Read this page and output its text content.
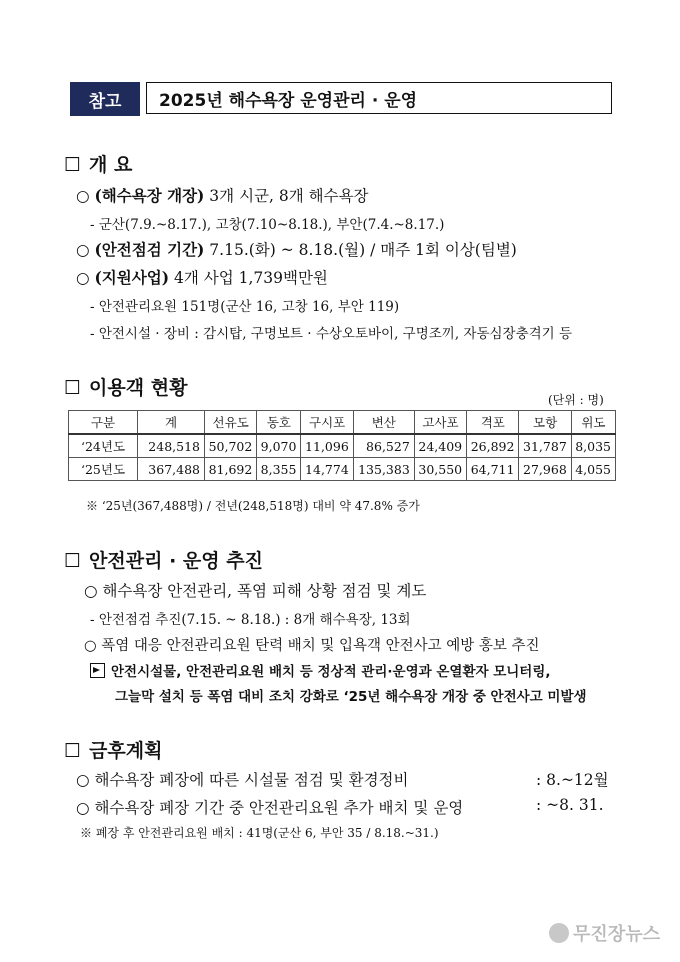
참고	2025년 해수욕장 운영관리 · 운영
☐ 개 요
○ (해수욕장 개장) 3개 시군, 8개 해수욕장
- 군산(7.9.~8.17.), 고창(7.10~8.18.), 부안(7.4.~8.17.)
○ (안전점검 기간) 7.15.(화) ~ 8.18.(월) / 매주 1회 이상(팀별)
○ (지원사업) 4개 사업 1,739백만원
- 안전관리요원 151명(군산 16, 고창 16, 부안 119)
- 안전시설 · 장비 : 감시탑, 구명보트 · 수상오토바이, 구명조끼, 자동심장충격기 등
☐ 이용객 현황
(단위 : 명)
구분	계	선유도	동호	구시포	변산	고사포	격포	모항	위도
‘24년도	248,518	50,702	9,070	11,096	86,527	24,409	26,892	31,787	8,035
‘25년도	367,488	81,692	8,355	14,774	135,383	30,550	64,711	27,968	4,055
※ ‘25년(367,488명) / 전년(248,518명) 대비 약 47.8% 증가
☐ 안전관리 · 운영 추진
○ 해수욕장 안전관리, 폭염 피해 상황 점검 및 계도
- 안전점검 추진(7.15. ~ 8.18.) : 8개 해수욕장, 13회
○ 폭염 대응 안전관리요원 탄력 배치 및 입욕객 안전사고 예방 홍보 추진
안전시설물, 안전관리요원 배치 등 정상적 관리·운영과 온열환자 모니터링,
그늘막 설치 등 폭염 대비 조치 강화로 ‘25년 해수욕장 개장 중 안전사고 미발생
☐ 금후계획
○ 해수욕장 폐장에 따른 시설물 점검 및 환경정비	: 8.~12월
○ 해수욕장 폐장 기간 중 안전관리요원 추가 배치 및 운영	: ~8. 31.
※ 폐장 후 안전관리요원 배치 : 41명(군산 6, 부안 35 / 8.18.~31.)
무진장뉴스
